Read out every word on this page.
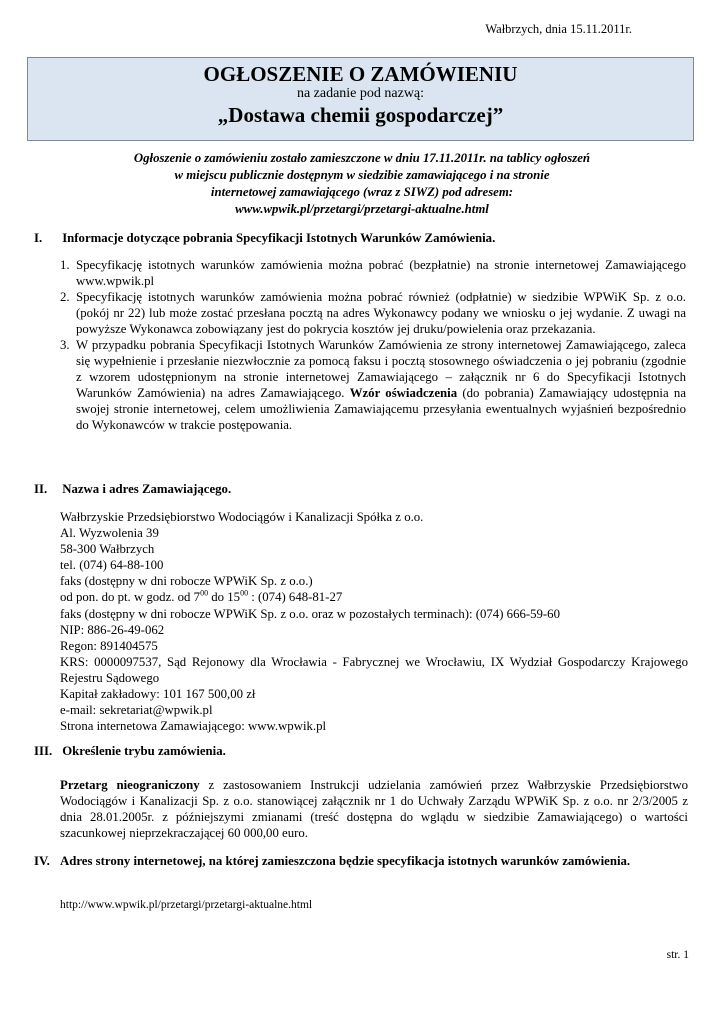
Wałbrzych, dnia 15.11.2011r.
OGŁOSZENIE O ZAMÓWIENIU
na zadanie pod nazwą:
„Dostawa chemii gospodarczej”
Ogłoszenie o zamówieniu zostało zamieszczone w dniu 17.11.2011r. na tablicy ogłoszeń
w miejscu publicznie dostępnym w siedzibie zamawiającego i na stronie
internetowej zamawiającego (wraz z SIWZ) pod adresem:
www.wpwik.pl/przetargi/przetargi-aktualne.html
I. Informacje dotyczące pobrania Specyfikacji Istotnych Warunków Zamówienia.
1. Specyfikację istotnych warunków zamówienia można pobrać (bezpłatnie) na stronie internetowej Zamawiającego www.wpwik.pl
2. Specyfikację istotnych warunków zamówienia można pobrać również (odpłatnie) w siedzibie WPWiK Sp. z o.o. (pokój nr 22) lub może zostać przesłana pocztą na adres Wykonawcy podany we wniosku o jej wydanie. Z uwagi na powyższe Wykonawca zobowiązany jest do pokrycia kosztów jej druku/powielenia oraz przekazania.
3. W przypadku pobrania Specyfikacji Istotnych Warunków Zamówienia ze strony internetowej Zamawiającego, zaleca się wypełnienie i przesłanie niezwłocznie za pomocą faksu i pocztą stosownego oświadczenia o jej pobraniu (zgodnie z wzorem udostępnionym na stronie internetowej Zamawiającego – załącznik nr 6 do Specyfikacji Istotnych Warunków Zamówienia) na adres Zamawiającego. Wzór oświadczenia (do pobrania) Zamawiający udostępnia na swojej stronie internetowej, celem umożliwienia Zamawiającemu przesyłania ewentualnych wyjaśnień bezpośrednio do Wykonawców w trakcie postępowania.
II. Nazwa i adres Zamawiającego.
Wałbrzyskie Przedsiębiorstwo Wodociągów i Kanalizacji Spółka z o.o.
Al. Wyzwolenia 39
58-300 Wałbrzych
tel. (074) 64-88-100
faks (dostępny w dni robocze WPWiK Sp. z o.o.)
od pon. do pt. w godz. od $7^{00}$ do $15^{00}$ : (074) 648-81-27
faks (dostępny w dni robocze WPWiK Sp. z o.o. oraz w pozostałych terminach): (074) 666-59-60
NIP: 886-26-49-062
Regon: 891404575
KRS: 0000097537, Sąd Rejonowy dla Wrocławia - Fabrycznej we Wrocławiu, IX Wydział Gospodarczy Krajowego Rejestru Sądowego
Kapitał zakładowy: 101 167 500,00 zł
e-mail: sekretariat@wpwik.pl
Strona internetowa Zamawiającego: www.wpwik.pl
III. Określenie trybu zamówienia.
Przetarg nieograniczony z zastosowaniem Instrukcji udzielania zamówień przez Wałbrzyskie Przedsiębiorstwo Wodociągów i Kanalizacji Sp. z o.o. stanowiącej załącznik nr 1 do Uchwały Zarządu WPWiK Sp. z o.o. nr 2/3/2005 z dnia 28.01.2005r. z późniejszymi zmianami (treść dostępna do wglądu w siedzibie Zamawiającego) o wartości szacunkowej nieprzekraczającej 60 000,00 euro.
IV. Adres strony internetowej, na której zamieszczona będzie specyfikacja istotnych warunków zamówienia.
http://www.wpwik.pl/przetargi/przetargi-aktualne.html
str. 1
